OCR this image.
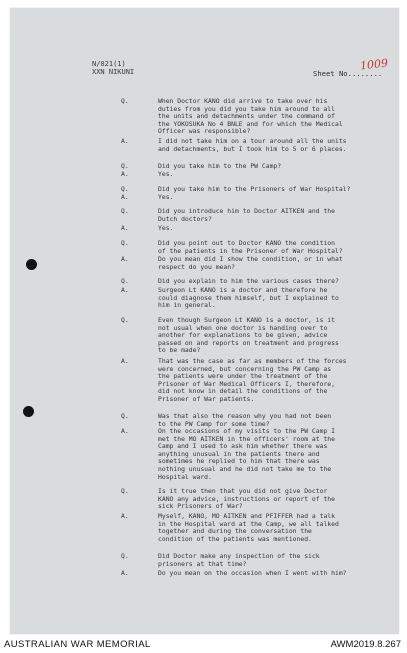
N/021(1)
XXN NIKUNI	Sheet No........
1009
Q.	When Doctor KANO did arrive to take over his
duties from you did you take him around to all
the units and detachments under the command of
the YOKOSUKA No 4 BNLE and for which the Medical
Officer was responsible?
A.	I did not take him on a tour around all the units
and detachments, but I took him to 5 or 6 places.
Q.	Did you take him to the PW Camp?
A.	Yes.
Q.	Did you take him to the Prisoners of War Hospital?
A.	Yes.
Q.	Did you introduce him to Doctor AITKEN and the
Dutch doctors?
A.	Yes.
Q.	Did you point out to Doctor KANO the condition
of the patients in the Prisoner of War Hospital?
A.	Do you mean did I show the condition, or in what
respect do you mean?
Q.	Did you explain to him the various cases there?
A.	Surgeon Lt KANO is a doctor and therefore he
could diagnose them himself, but I explained to
him in general.
Q.	Even though Surgeon Lt KANO is a doctor, is it
not usual when one doctor is handing over to
another for explanations to be given, advice
passed on and reports on treatment and progress
to be made?
A.	That was the case as far as members of the forces
were concerned, but concerning the PW Camp as
the patients were under the treatment of the
Prisoner of War Medical Officers I, therefore,
did not know in detail the conditions of the
Prisoner of War patients.
Q.	Was that also the reason why you had not been
to the PW Camp for some time?
A.	On the occasions of my visits to the PW Camp I
met the MO AITKEN in the officers' room at the
Camp and I used to ask him whether there was
anything unusual in the patients there and
sometimes he replied to him that there was
nothing unusual and he did not take me to the
Hospital ward.
Q.	Is it true then that you did not give Doctor
KANO any advice, instructions or report of the
sick Prisoners of War?
A.	Myself, KANO, MO AITKEN and PFIFFER had a talk
in the Hospital ward at the Camp, we all talked
together and during the conversation the
condition of the patients was mentioned.
Q.	Did Doctor make any inspection of the sick
prisoners at that time?
A.	Do you mean on the occasion when I went with him?
AUSTRALIAN WAR MEMORIAL	AWM2019.8.267
